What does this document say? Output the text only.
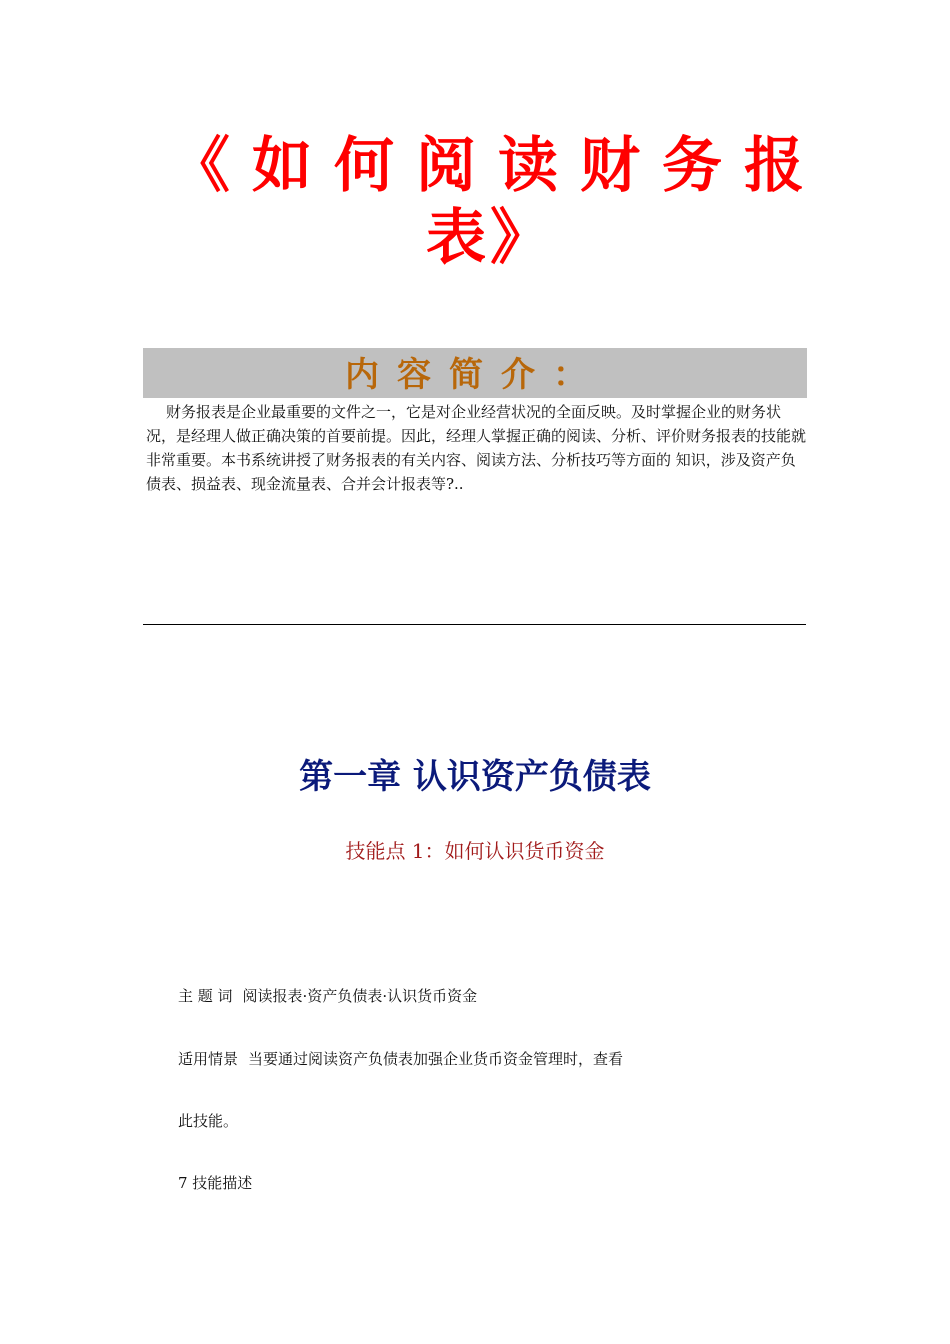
《如何阅读财务报
表》
内容简介：
财务报表是企业最重要的文件之一，它是对企业经营状况的全面反映。及时掌握企业的财务状况，是经理人做正确决策的首要前提。因此，经理人掌握正确的阅读、分析、评价财务报表的技能就非常重要。本书系统讲授了财务报表的有关内容、阅读方法、分析技巧等方面的 知识，涉及资产负债表、损益表、现金流量表、合并会计报表等?..
第一章 认识资产负债表
技能点 1：如何认识货币资金
主 题 词 阅读报表·资产负债表·认识货币资金
适用情景 当要通过阅读资产负债表加强企业货币资金管理时，查看
此技能。
7 技能描述
